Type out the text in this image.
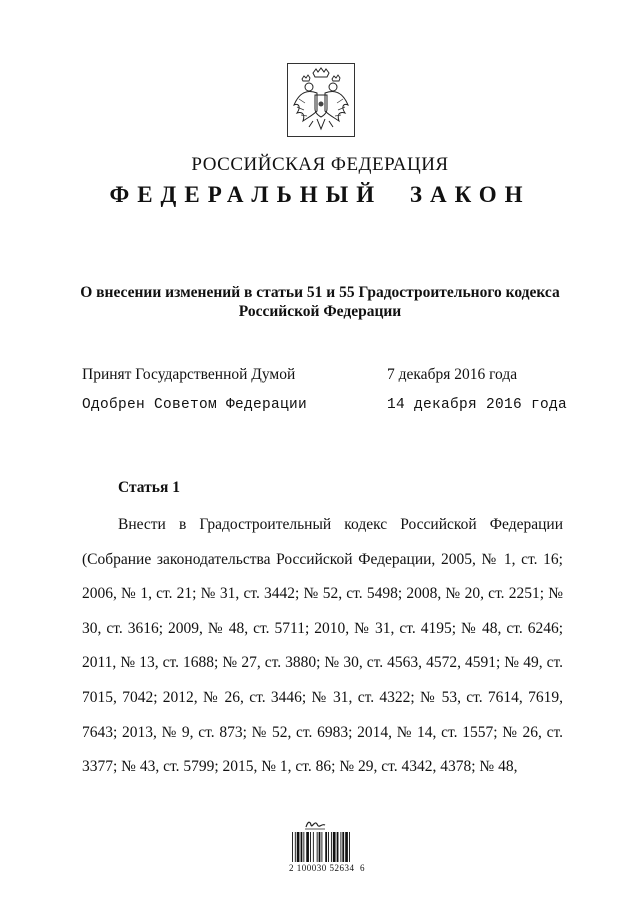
РОССИЙСКАЯ ФЕДЕРАЦИЯ
ФЕДЕРАЛЬНЫЙ ЗАКОН
О внесении изменений в статьи 51 и 55 Градостроительного кодекса
Российской Федерации
Принят Государственной Думой	7 декабря 2016 года
Одобрен Советом Федерации	14 декабря 2016 года
Статья 1

Внести в Градостроительный кодекс Российской Федерации (Собрание законодательства Российской Федерации, 2005, № 1, ст. 16; 2006, № 1, ст. 21; № 31, ст. 3442; № 52, ст. 5498; 2008, № 20, ст. 2251; № 30, ст. 3616; 2009, № 48, ст. 5711; 2010, № 31, ст. 4195; № 48, ст. 6246; 2011, № 13, ст. 1688; № 27, ст. 3880; № 30, ст. 4563, 4572, 4591; № 49, ст. 7015, 7042; 2012, № 26, ст. 3446; № 31, ст. 4322; № 53, ст. 7614, 7619, 7643; 2013, № 9, ст. 873; № 52, ст. 6983; 2014, № 14, ст. 1557; № 26, ст. 3377; № 43, ст. 5799; 2015, № 1, ст. 86; № 29, ст. 4342, 4378; № 48,

2 100030 52634  6
